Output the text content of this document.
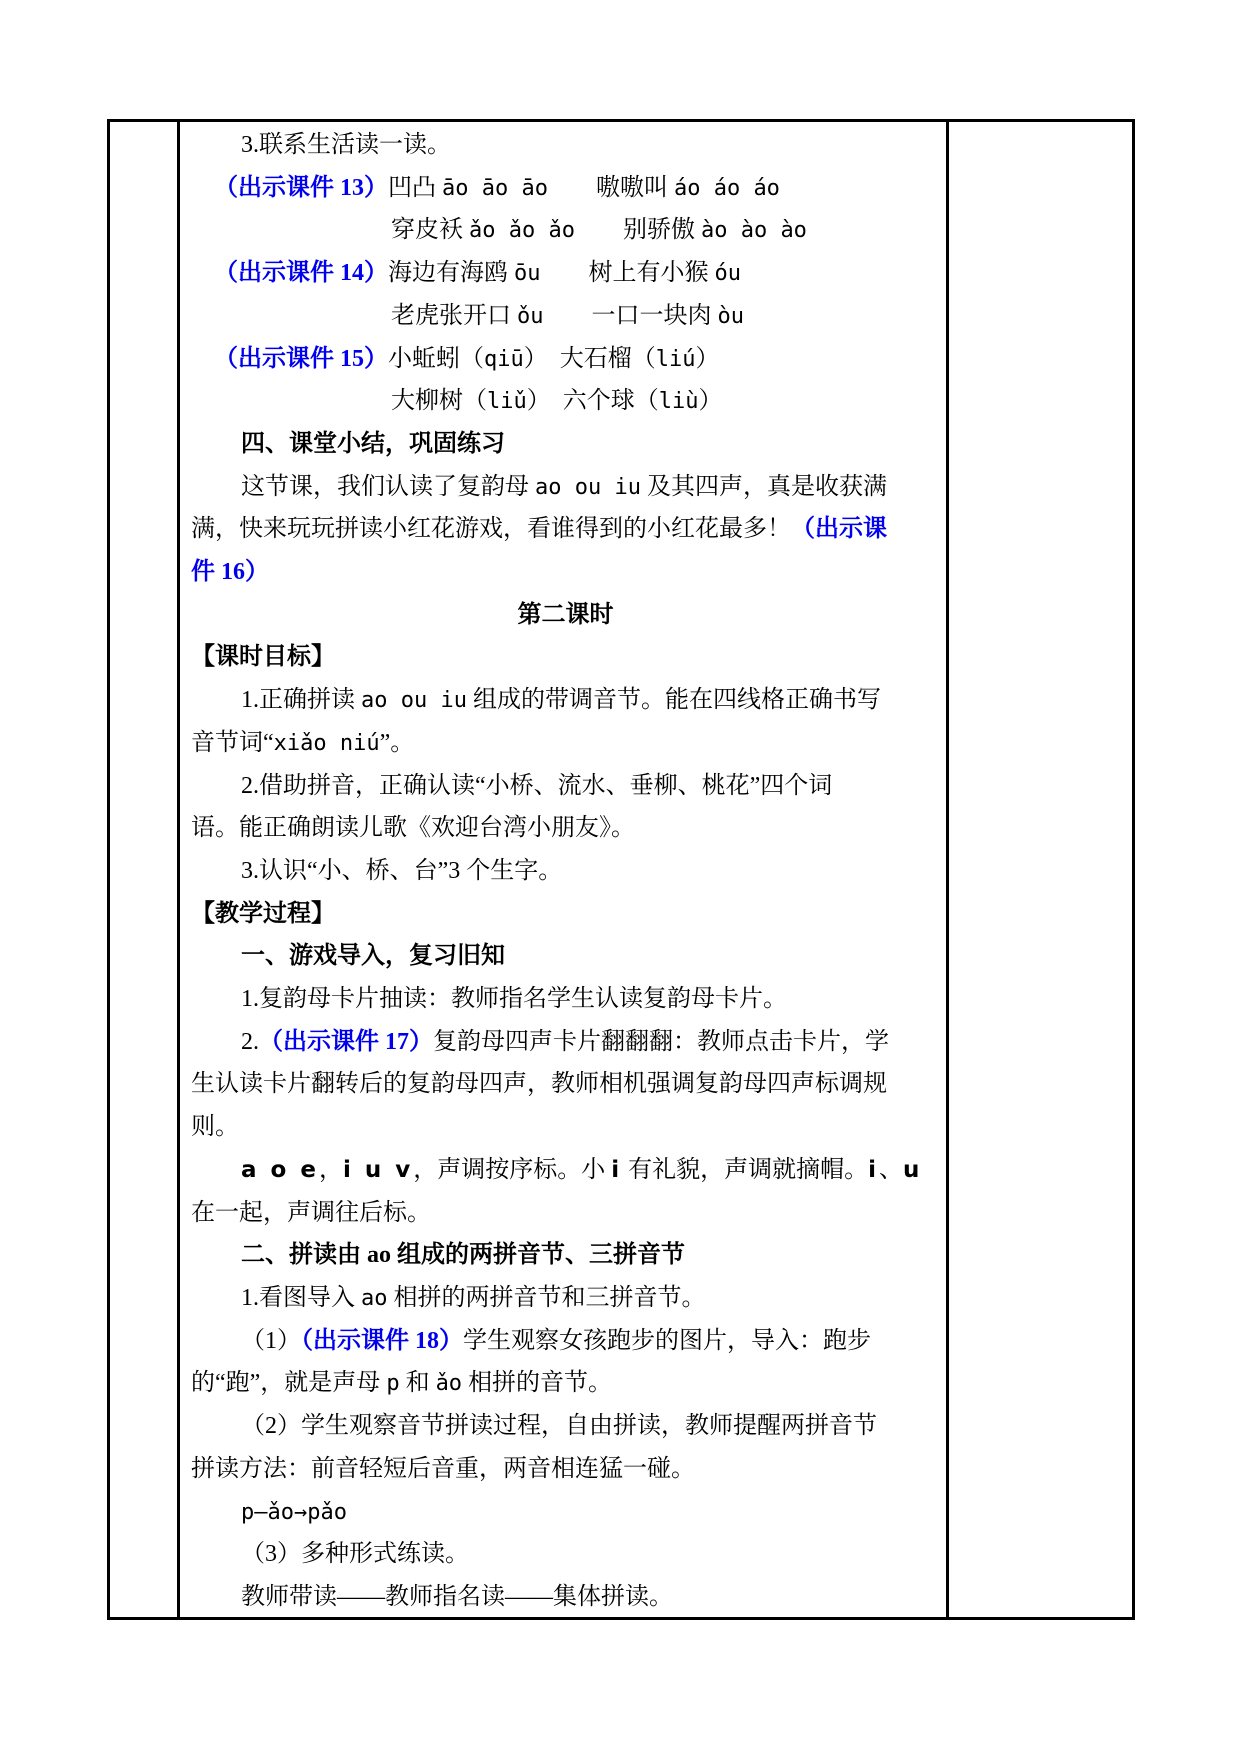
3.联系生活读一读。
（出示课件 13）凹凸 āo āo āo　　嗷嗷叫 áo áo áo
穿皮袄 ǎo ǎo ǎo　　别骄傲 ào ào ào
（出示课件 14）海边有海鸥 ōu　　树上有小猴 óu
老虎张开口 ǒu　　一口一块肉 òu
（出示课件 15）小蚯蚓（qiū）　大石榴（liú）
大柳树（liǔ）　六个球（liù）
四、课堂小结，巩固练习
这节课，我们认读了复韵母 ao ou iu 及其四声，真是收获满
满，快来玩玩拼读小红花游戏，看谁得到的小红花最多！（出示课
件 16）
第二课时
【课时目标】
1.正确拼读 ao ou iu 组成的带调音节。能在四线格正确书写
音节词“xiǎo niú”。
2.借助拼音，正确认读“小桥、流水、垂柳、桃花”四个词
语。能正确朗读儿歌《欢迎台湾小朋友》。
3.认识“小、桥、台”3 个生字。
【教学过程】
一、游戏导入，复习旧知
1.复韵母卡片抽读：教师指名学生认读复韵母卡片。
2.（出示课件 17）复韵母四声卡片翻翻翻：教师点击卡片，学
生认读卡片翻转后的复韵母四声，教师相机强调复韵母四声标调规
则。
a o e，i u v，声调按序标。小 i 有礼貌，声调就摘帽。i、u
在一起，声调往后标。
二、拼读由 ao 组成的两拼音节、三拼音节
1.看图导入 ao 相拼的两拼音节和三拼音节。
（1）（出示课件 18）学生观察女孩跑步的图片，导入：跑步
的“跑”，就是声母 p 和 ǎo 相拼的音节。
（2）学生观察音节拼读过程，自由拼读，教师提醒两拼音节
拼读方法：前音轻短后音重，两音相连猛一碰。
p—ǎo→pǎo
（3）多种形式练读。
教师带读——教师指名读——集体拼读。
